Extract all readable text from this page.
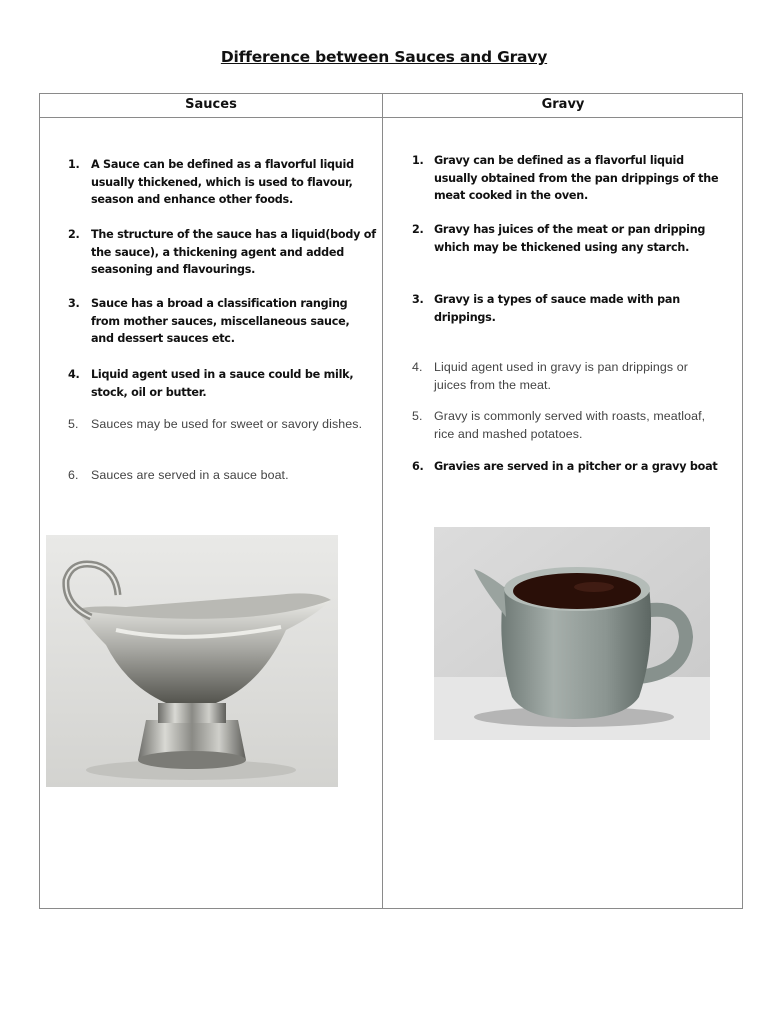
Difference between Sauces and Gravy
Sauces	Gravy
1.	A Sauce can be defined as a flavorful liquid usually thickened, which is used to flavour, season and enhance other foods.
2.	The structure of the sauce has a liquid(body of the sauce), a thickening agent and added seasoning and flavourings.
3.	Sauce has a broad a classification ranging from mother sauces, miscellaneous sauce, and dessert sauces etc.
4.	Liquid agent used in a sauce could be milk, stock, oil or butter.
5.	Sauces may be used for sweet or savory dishes.
6.	Sauces are served in a sauce boat.
1. Gravy can be defined as a flavorful liquid usually obtained from the pan drippings of the meat cooked in the oven.
2. Gravy has juices of the meat or pan dripping which may be thickened using any starch.
3. Gravy is a types of sauce made with pan drippings.
4. Liquid agent used in gravy is pan drippings or juices from the meat.
5. Gravy is commonly served with roasts, meatloaf, rice and mashed potatoes.
6. Gravies are served in a pitcher or a gravy boat
